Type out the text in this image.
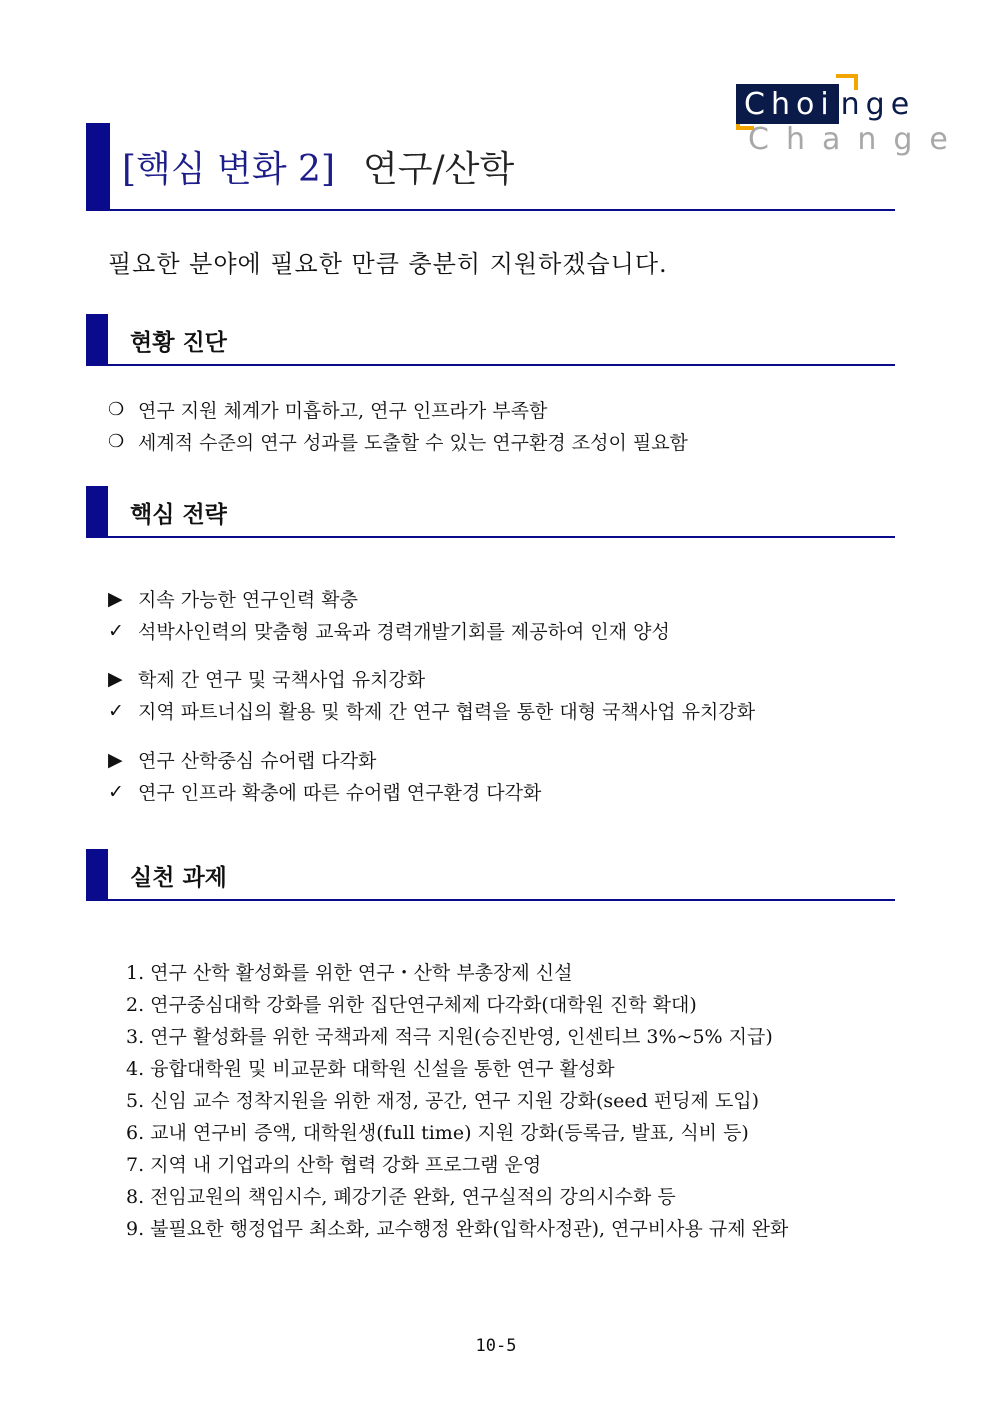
Choi nge
Change
[핵심 변화 2] 연구/산학
필요한 분야에 필요한 만큼 충분히 지원하겠습니다.
현황 진단
❍ 연구 지원 체계가 미흡하고, 연구 인프라가 부족함
❍ 세계적 수준의 연구 성과를 도출할 수 있는 연구환경 조성이 필요함
핵심 전략
▶ 지속 가능한 연구인력 확충
✓ 석박사인력의 맞춤형 교육과 경력개발기회를 제공하여 인재 양성
▶ 학제 간 연구 및 국책사업 유치강화
✓ 지역 파트너십의 활용 및 학제 간 연구 협력을 통한 대형 국책사업 유치강화
▶ 연구 산학중심 슈어랩 다각화
✓ 연구 인프라 확충에 따른 슈어랩 연구환경 다각화
실천 과제
1. 연구 산학 활성화를 위한 연구・산학 부총장제 신설
2. 연구중심대학 강화를 위한 집단연구체제 다각화(대학원 진학 확대)
3. 연구 활성화를 위한 국책과제 적극 지원(승진반영, 인센티브 3%~5% 지급)
4. 융합대학원 및 비교문화 대학원 신설을 통한 연구 활성화
5. 신임 교수 정착지원을 위한 재정, 공간, 연구 지원 강화(seed 펀딩제 도입)
6. 교내 연구비 증액, 대학원생(full time) 지원 강화(등록금, 발표, 식비 등)
7. 지역 내 기업과의 산학 협력 강화 프로그램 운영
8. 전임교원의 책임시수, 폐강기준 완화, 연구실적의 강의시수화 등
9. 불필요한 행정업무 최소화, 교수행정 완화(입학사정관), 연구비사용 규제 완화
10-5
